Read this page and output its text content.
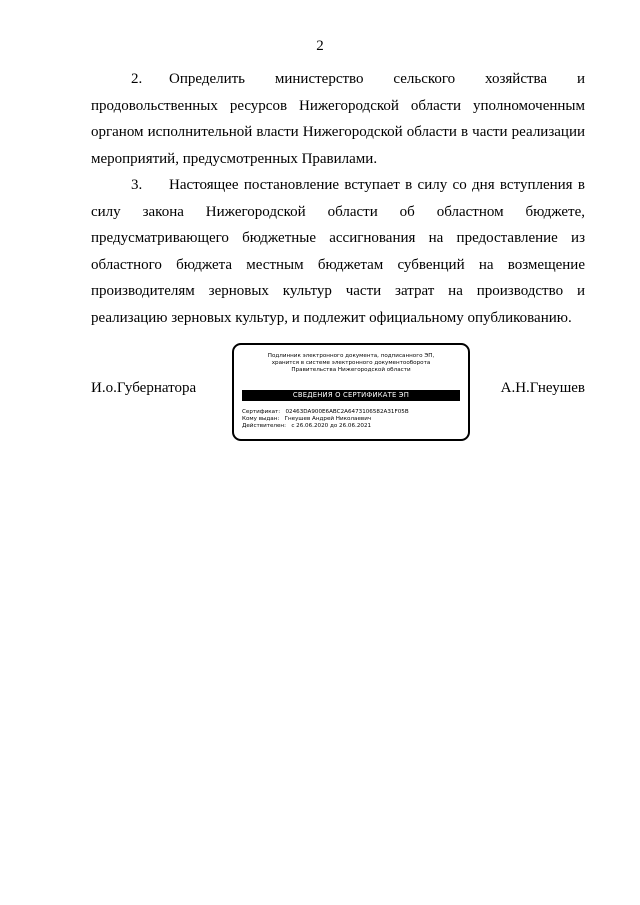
2

2. Определить министерство сельского хозяйства и продовольственных ресурсов Нижегородской области уполномоченным органом исполнительной власти Нижегородской области в части реализации мероприятий, предусмотренных Правилами.

3. Настоящее постановление вступает в силу со дня вступления в силу закона Нижегородской области об областном бюджете, предусматривающего бюджетные ассигнования на предоставление из областного бюджета местным бюджетам субвенций на возмещение производителям зерновых культур части затрат на производство и реализацию зерновых культур, и подлежит официальному опубликованию.

И.о.Губернатора	А.Н.Гнеушев
Подлинник электронного документа, подписанного ЭП,
хранится в системе электронного документооборота
Правительства Нижегородской области
СВЕДЕНИЯ О СЕРТИФИКАТЕ ЭП
Сертификат:   02463DA900E6ABC2A6473106582A31F05B
Кому выдан:   Гнеушев Андрей Николаевич
Действителен:   с 26.06.2020 до 26.06.2021
